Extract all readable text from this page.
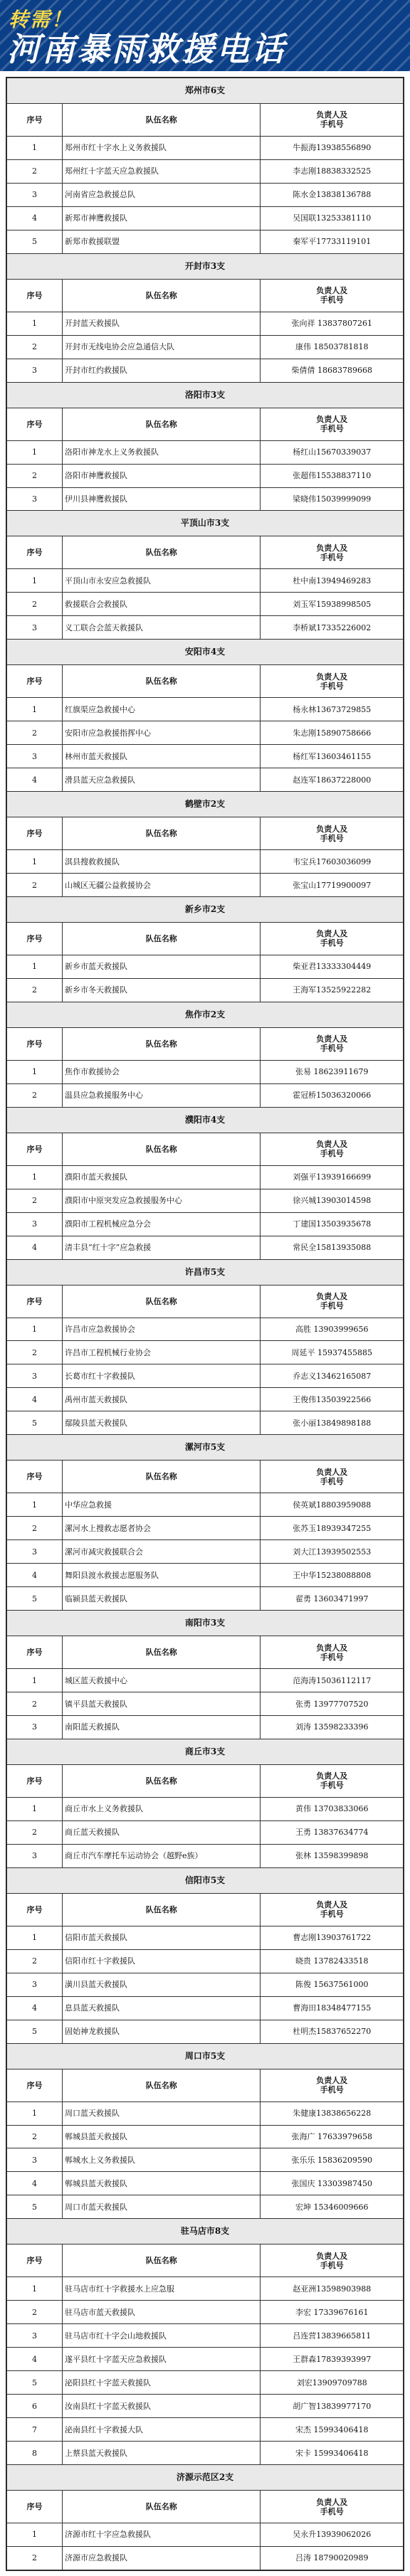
转需！
河南暴雨救援电话
郑州市6支		
序号	队伍名称	负责人及
手机号

1	郑州市红十字水上义务救援队	牛振海13938556890
2	郑州红十字蓝天应急救援队	李志刚18838332525
3	河南省应急救援总队	陈水金13838136788
4	新郑市神鹰救援队	吴国联13253381110
5	新郑市救援联盟	秦军平17733119101
开封市3支		
序号	队伍名称	负责人及
手机号

1	开封蓝天救援队	张向祥 13837807261
2	开封市无线电协会应急通信大队	康伟 18503781818
3	开封市红约救援队	柴倩倩 18683789668
洛阳市3支		
序号	队伍名称	负责人及
手机号

1	洛阳市神龙水上义务救援队	杨红山15670339037
2	洛阳市神鹰救援队	张超伟15538837110
3	伊川县神鹰救援队	梁晓伟15039999099
平顶山市3支		
序号	队伍名称	负责人及
手机号

1	平顶山市永安应急救援队	杜中南13949469283
2	救援联合会救援队	刘玉军15938998505
3	义工联合会蓝天救援队	李桥斌17335226002
安阳市4支		
序号	队伍名称	负责人及
手机号

1	红旗渠应急救援中心	杨永林13673729855
2	安阳市应急救援指挥中心	朱志刚15890758666
3	林州市蓝天救援队	杨红军13603461155
4	滑县蓝天应急救援队	赵连军18637228000
鹤壁市2支		
序号	队伍名称	负责人及
手机号

1	淇县搜救救援队	韦宝兵17603036099
2	山城区无疆公益救援协会	张宝山17719900097
新乡市2支		
序号	队伍名称	负责人及
手机号

1	新乡市蓝天救援队	柴亚君13333304449
2	新乡市冬天救援队	王海军13525922282
焦作市2支		
序号	队伍名称	负责人及
手机号

1	焦作市救援协会	张易 18623911679
2	温县应急救援服务中心	霍冠桥15036320066
濮阳市4支		
序号	队伍名称	负责人及
手机号

1	濮阳市蓝天救援队	刘强平13939166699
2	濮阳市中原突发应急救援服务中心	徐兴城13903014598
3	濮阳市工程机械应急分会	丁建国13503935678
4	清丰县“红十字”应急救援	常民全15813935088
许昌市5支		
序号	队伍名称	负责人及
手机号

1	许昌市应急救援协会	高胜 13903999656
2	许昌市工程机械行业协会	周延平 15937455885
3	长葛市红十字救援队	乔志义13462165087
4	禹州市蓝天救援队	王俊伟13503922566
5	鄢陵县蓝天救援队	张小丽13849898188
漯河市5支		
序号	队伍名称	负责人及
手机号

1	中华应急救援	侯英斌18803959088
2	漯河水上搜救志愿者协会	张苏玉18939347255
3	漯河市减灾救援联合会	刘大江13939502553
4	舞阳县渡水救援志愿服务队	王中华15238088808
5	临颍县蓝天救援队	翟勇 13603471997
南阳市3支		
序号	队伍名称	负责人及
手机号

1	城区蓝天救援中心	范海涛15036112117
2	镇平县蓝天救援队	张勇 13977707520
3	南阳蓝天救援队	刘涛 13598233396
商丘市3支		
序号	队伍名称	负责人及
手机号

1	商丘市水上义务救援队	黄伟 13703833066
2	商丘蓝天救援队	王勇 13837634774
3	商丘市汽车摩托车运动协会（越野e族）	张林 13598399898
信阳市5支		
序号	队伍名称	负责人及
手机号

1	信阳市蓝天救援队	曹志刚13903761722
2	信阳市红十字救援队	晓贵 13782433518
3	潢川县蓝天救援队	陈俊 15637561000
4	息县蓝天救援队	曹海田18348477155
5	固始神龙救援队	杜明杰15837652270
周口市5支		
序号	队伍名称	负责人及
手机号

1	周口蓝天救援队	朱健康13838656228
2	郸城县蓝天救援队	张海广 17633979658
3	郸城水上义务救援队	张乐乐 15836209590
4	郸城县蓝天救援队	张国庆 13303987450
5	周口市蓝天救援队	宏坤 15346009666
驻马店市8支		
序号	队伍名称	负责人及
手机号

1	驻马店市红十字救援水上应急服	赵亚洲13598903988
2	驻马店市蓝天救援队	李宏 17339676161
3	驻马店市红十字会山地救援队	吕连营13839665811
4	遂平县红十字蓝天应急救援队	王群森17839393997
5	泌阳县红十字蓝天救援队	刘宏13909709788
6	汝南县红十字蓝天救援队	胡广智13839977170
7	泌南县红十字救援大队	宋杰 15993406418
8	上蔡县蓝天救援队	宋卡 15993406418
济源示范区2支		
序号	队伍名称	负责人及
手机号

1	济源市红十字应急救援队	吴永升13939062026
2	济源市应急救援队	吕涛 18790020989
